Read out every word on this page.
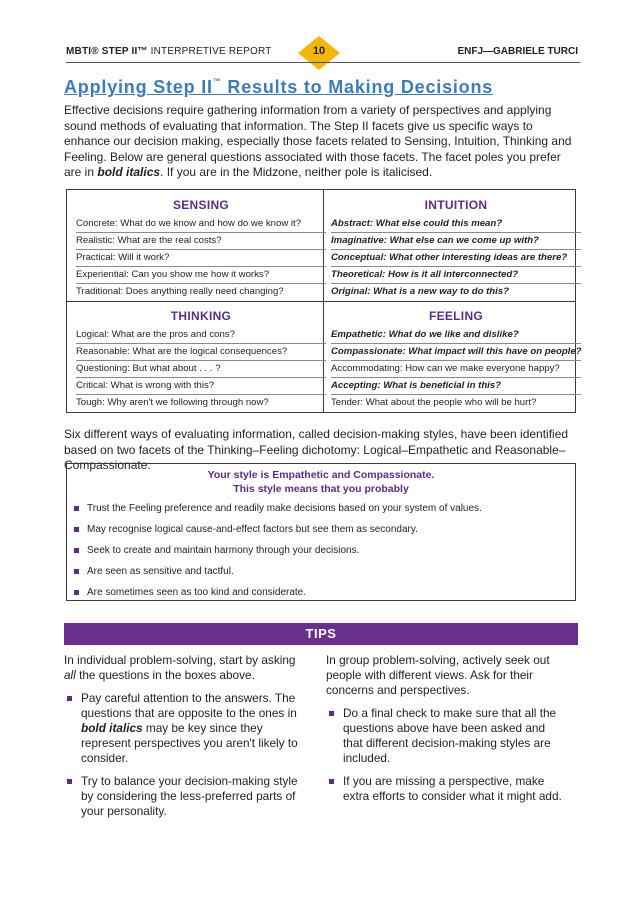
MBTI® STEP II™ INTERPRETIVE REPORT	10	ENFJ—GABRIELE TURCI
Applying Step II™ Results to Making Decisions
Effective decisions require gathering information from a variety of perspectives and applying sound methods of evaluating that information. The Step II facets give us specific ways to enhance our decision making, especially those facets related to Sensing, Intuition, Thinking and Feeling. Below are general questions associated with those facets. The facet poles you prefer are in bold italics. If you are in the Midzone, neither pole is italicised.
SENSING
Concrete: What do we know and how do we know it?
Realistic: What are the real costs?
Practical: Will it work?
Experiential: Can you show me how it works?
Traditional: Does anything really need changing?
INTUITION
Abstract: What else could this mean?
Imaginative: What else can we come up with?
Conceptual: What other interesting ideas are there?
Theoretical: How is it all interconnected?
Original: What is a new way to do this?
THINKING
Logical: What are the pros and cons?
Reasonable: What are the logical consequences?
Questioning: But what about . . . ?
Critical: What is wrong with this?
Tough: Why aren't we following through now?
FEELING
Empathetic: What do we like and dislike?
Compassionate: What impact will this have on people?
Accommodating: How can we make everyone happy?
Accepting: What is beneficial in this?
Tender: What about the people who will be hurt?
Six different ways of evaluating information, called decision-making styles, have been identified based on two facets of the Thinking–Feeling dichotomy: Logical–Empathetic and Reasonable–Compassionate.
Your style is Empathetic and Compassionate.
This style means that you probably
Trust the Feeling preference and readily make decisions based on your system of values.
May recognise logical cause-and-effect factors but see them as secondary.
Seek to create and maintain harmony through your decisions.
Are seen as sensitive and tactful.
Are sometimes seen as too kind and considerate.
TIPS

In individual problem-solving, start by asking all the questions in the boxes above.

Pay careful attention to the answers. The questions that are opposite to the ones in bold italics may be key since they represent perspectives you aren't likely to consider.
Try to balance your decision-making style by considering the less-preferred parts of your personality.

In group problem-solving, actively seek out people with different views. Ask for their concerns and perspectives.

Do a final check to make sure that all the questions above have been asked and that different decision-making styles are included.
If you are missing a perspective, make extra efforts to consider what it might add.
